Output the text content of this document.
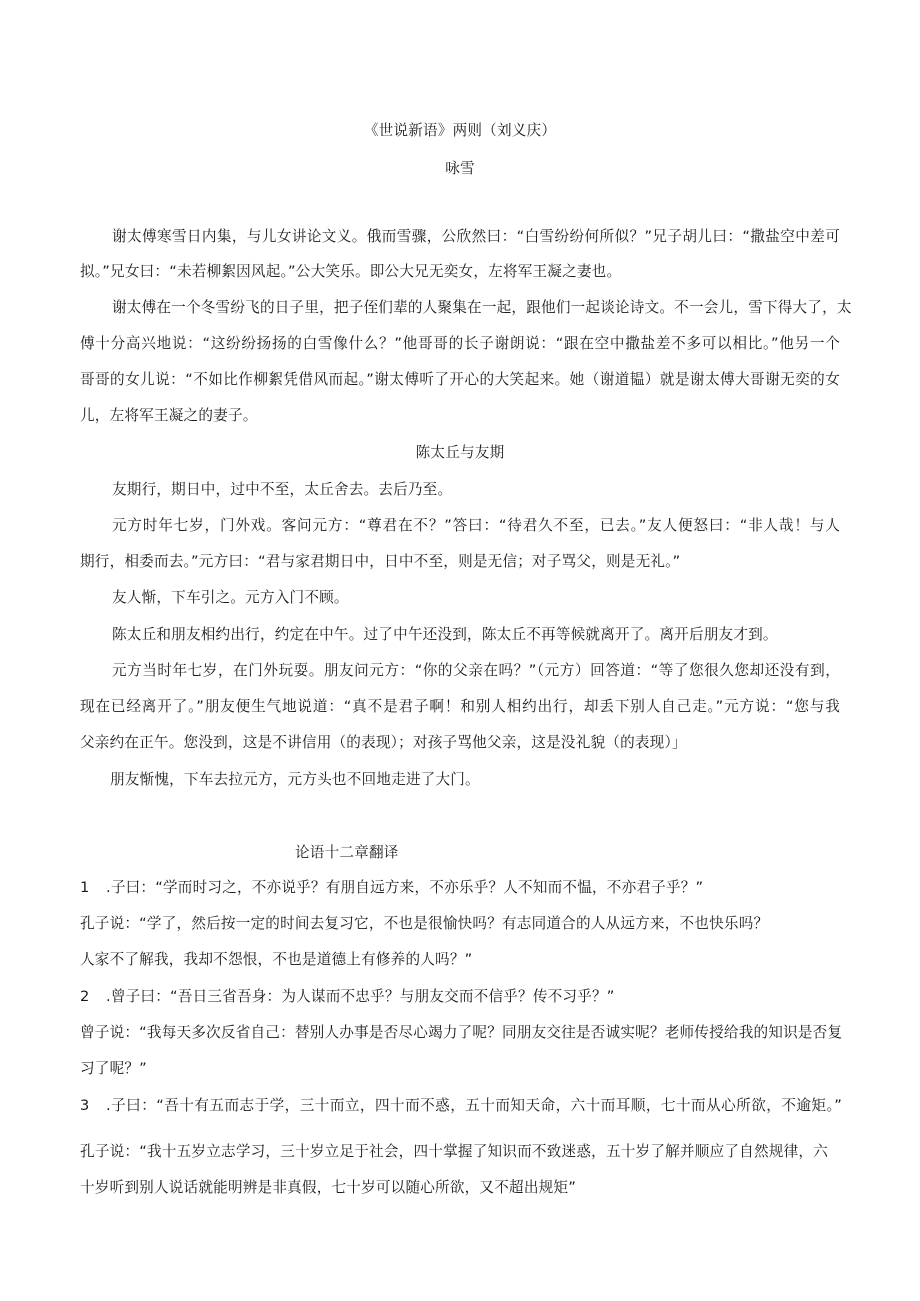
《世说新语》两则（刘义庆）
咏雪
谢太傅寒雪日内集，与儿女讲论文义。俄而雪骤，公欣然曰：“白雪纷纷何所似？”兄子胡儿曰：“撒盐空中差可
拟。”兄女曰：“未若柳絮因风起。”公大笑乐。即公大兄无奕女，左将军王凝之妻也。
谢太傅在一个冬雪纷飞的日子里，把子侄们辈的人聚集在一起，跟他们一起谈论诗文。不一会儿，雪下得大了，太
傅十分高兴地说：“这纷纷扬扬的白雪像什么？”他哥哥的长子谢朗说：“跟在空中撒盐差不多可以相比。”他另一个
哥哥的女儿说：“不如比作柳絮凭借风而起。”谢太傅听了开心的大笑起来。她（谢道韫）就是谢太傅大哥谢无奕的女
儿，左将军王凝之的妻子。
陈太丘与友期
友期行，期日中，过中不至，太丘舍去。去后乃至。
元方时年七岁，门外戏。客问元方：“尊君在不？”答曰：“待君久不至，已去。”友人便怒曰：“非人哉！与人
期行，相委而去。”元方曰：“君与家君期日中，日中不至，则是无信；对子骂父，则是无礼。”
友人惭，下车引之。元方入门不顾。
陈太丘和朋友相约出行，约定在中午。过了中午还没到，陈太丘不再等候就离开了。离开后朋友才到。
元方当时年七岁，在门外玩耍。朋友问元方：“你的父亲在吗？”（元方）回答道：“等了您很久您却还没有到，
现在已经离开了。”朋友便生气地说道：“真不是君子啊！和别人相约出行，却丢下别人自己走。”元方说：“您与我
父亲约在正午。您没到，这是不讲信用（的表现）；对孩子骂他父亲，这是没礼貌（的表现）」
朋友惭愧，下车去拉元方，元方头也不回地走进了大门。
论语十二章翻译
1 .子曰：“学而时习之，不亦说乎？有朋自远方来，不亦乐乎？人不知而不愠，不亦君子乎？”
孔子说：“学了，然后按一定的时间去复习它，不也是很愉快吗？有志同道合的人从远方来，不也快乐吗？
人家不了解我，我却不怨恨，不也是道德上有修养的人吗？”
2 .曾子曰：“吾日三省吾身：为人谋而不忠乎？与朋友交而不信乎？传不习乎？”
曾子说：“我每天多次反省自己：替别人办事是否尽心竭力了呢？同朋友交往是否诚实呢？老师传授给我的知识是否复
习了呢？”
3 .子曰：“吾十有五而志于学，三十而立，四十而不惑，五十而知天命，六十而耳顺，七十而从心所欲，不逾矩。”
孔子说：“我十五岁立志学习，三十岁立足于社会，四十掌握了知识而不致迷惑，五十岁了解并顺应了自然规律，六
十岁听到别人说话就能明辨是非真假，七十岁可以随心所欲，又不超出规矩”
